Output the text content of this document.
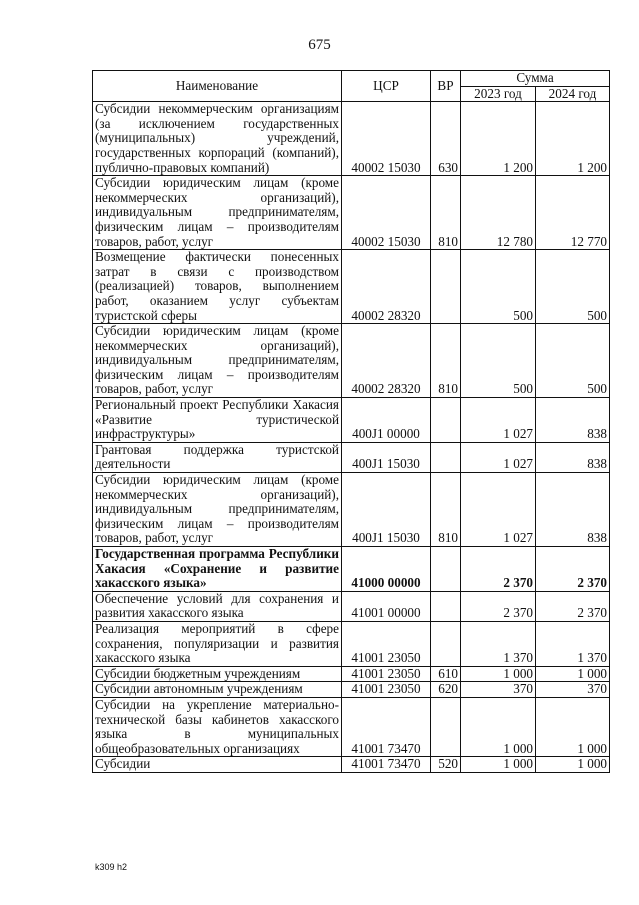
675
Наименование	ЦСР	ВР	Сумма	
			2023 год	2024 год
Субсидии некоммерческим организациям (за исключением государственных (муниципальных) учреждений, государственных корпораций (компаний), публично-правовых компаний)	40002 15030	630	1 200	1 200
Субсидии юридическим лицам (кроме некоммерческих организаций), индивидуальным предпринимателям, физическим лицам – производителям товаров, работ, услуг	40002 15030	810	12 780	12 770
Возмещение фактически понесенных затрат в связи с производством (реализацией) товаров, выполнением работ, оказанием услуг субъектам туристской сферы	40002 28320		500	500
Субсидии юридическим лицам (кроме некоммерческих организаций), индивидуальным предпринимателям, физическим лицам – производителям товаров, работ, услуг	40002 28320	810	500	500
Региональный проект Республики Хакасия «Развитие туристической инфраструктуры»	400J1 00000		1 027	838
Грантовая поддержка туристской деятельности	400J1 15030		1 027	838
Субсидии юридическим лицам (кроме некоммерческих организаций), индивидуальным предпринимателям, физическим лицам – производителям товаров, работ, услуг	400J1 15030	810	1 027	838
Государственная программа Республики Хакасия «Сохранение и развитие хакасского языка»	41000 00000		2 370	2 370
Обеспечение условий для сохранения и развития хакасского языка	41001 00000		2 370	2 370
Реализация мероприятий в сфере сохранения, популяризации и развития хакасского языка	41001 23050		1 370	1 370
Субсидии бюджетным учреждениям	41001 23050	610	1 000	1 000
Субсидии автономным учреждениям	41001 23050	620	370	370
Субсидии на укрепление материально-технической базы кабинетов хакасского языка в муниципальных общеобразовательных организациях	41001 73470		1 000	1 000
Субсидии	41001 73470	520	1 000	1 000
k309 h2
